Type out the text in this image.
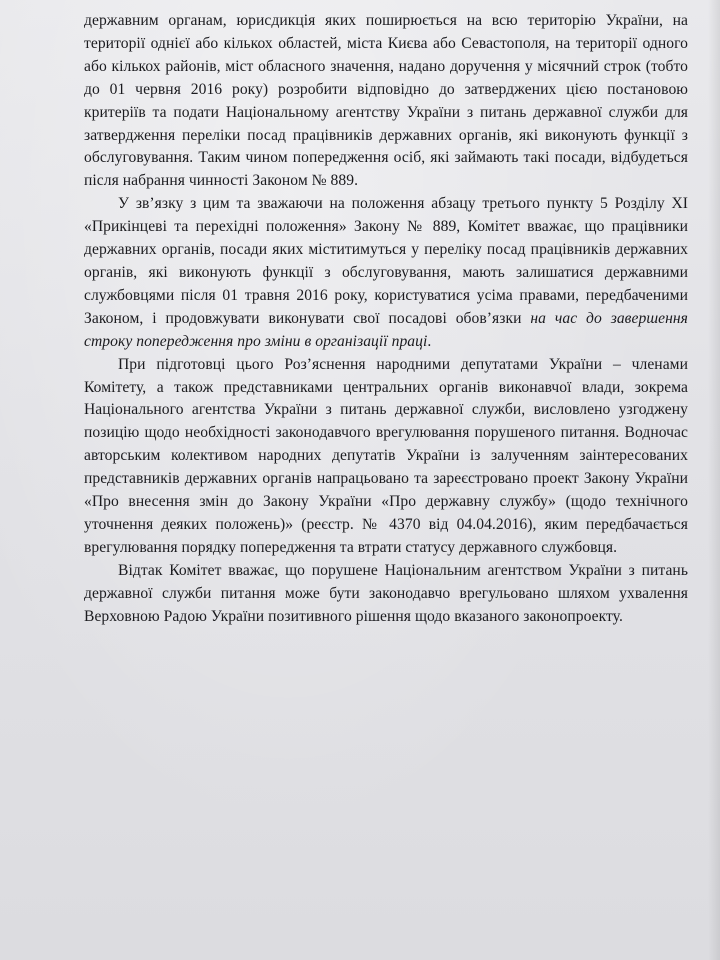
державним органам, юрисдикція яких поширюється на всю територію України, на території однієї або кількох областей, міста Києва або Севастополя, на території одного або кількох районів, міст обласного значення, надано доручення у місячний строк (тобто до 01 червня 2016 року) розробити відповідно до затверджених цією постановою критеріїв та подати Національному агентству України з питань державної служби для затвердження переліки посад працівників державних органів, які виконують функції з обслуговування. Таким чином попередження осіб, які займають такі посади, відбудеться після набрання чинності Законом № 889.

У зв’язку з цим та зважаючи на положення абзацу третього пункту 5 Розділу XI «Прикінцеві та перехідні положення» Закону № 889, Комітет вважає, що працівники державних органів, посади яких міститимуться у переліку посад працівників державних органів, які виконують функції з обслуговування, мають залишатися державними службовцями після 01 травня 2016 року, користуватися усіма правами, передбаченими Законом, і продовжувати виконувати свої посадові обов’язки на час до завершення строку попередження про зміни в організації праці.

При підготовці цього Роз’яснення народними депутатами України – членами Комітету, а також представниками центральних органів виконавчої влади, зокрема Національного агентства України з питань державної служби, висловлено узгоджену позицію щодо необхідності законодавчого врегулювання порушеного питання. Водночас авторським колективом народних депутатів України із залученням заінтересованих представників державних органів напрацьовано та зареєстровано проект Закону України «Про внесення змін до Закону України «Про державну службу» (щодо технічного уточнення деяких положень)» (реєстр. № 4370 від 04.04.2016), яким передбачається врегулювання порядку попередження та втрати статусу державного службовця.

Відтак Комітет вважає, що порушене Національним агентством України з питань державної служби питання може бути законодавчо врегульовано шляхом ухвалення Верховною Радою України позитивного рішення щодо вказаного законопроекту.
